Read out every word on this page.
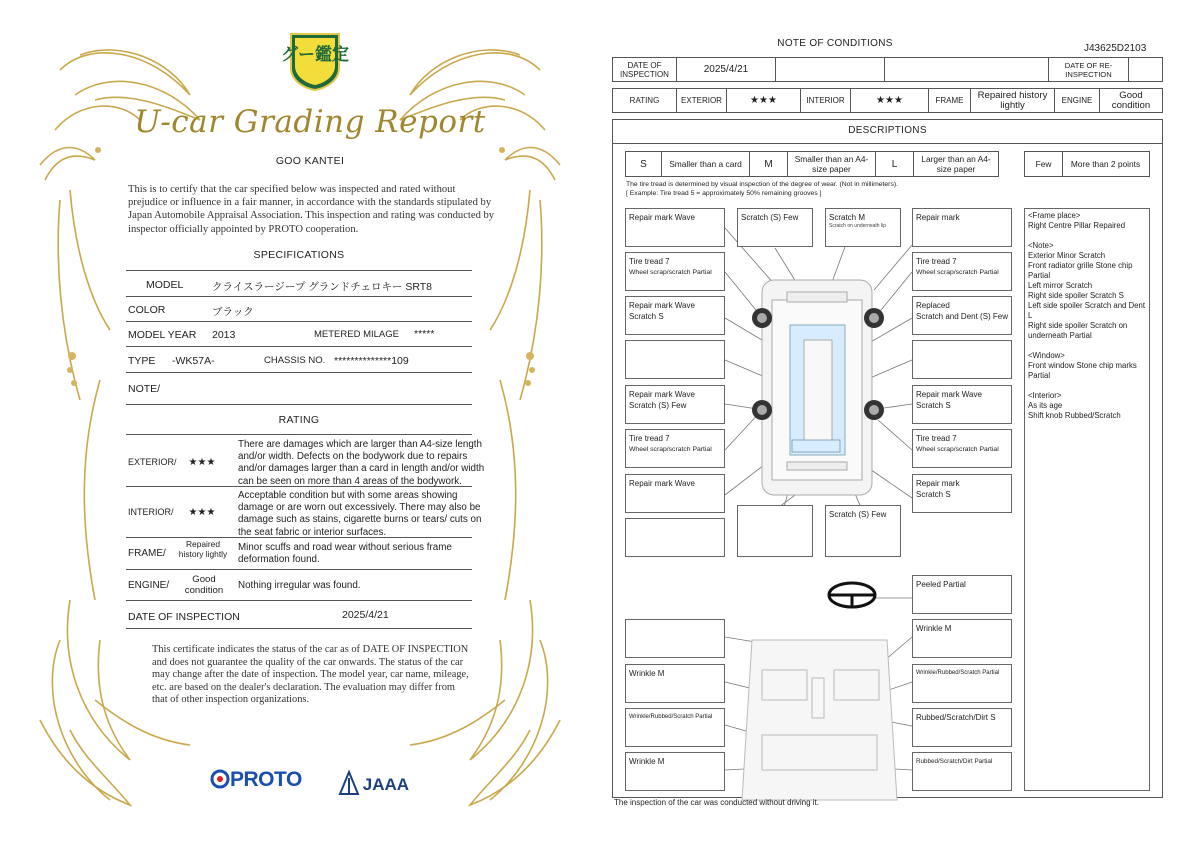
グー鑑定
U-car Grading Report
GOO KANTEI
This is to certify that the car specified below was inspected and rated without prejudice or influence in a fair manner, in accordance with the standards stipulated by Japan Automobile Appraisal Association. This inspection and rating was conducted by inspector officially appointed by PROTO cooperation.
SPECIFICATIONS
MODEL	クライスラージープ グランドチェロキー SRT8
COLOR	ブラック
MODEL YEAR 2013	METERED MILAGE *****
TYPE -WK57A-	CHASSIS NO. **************109
NOTE/
RATING
EXTERIOR/	★★★
There are damages which are larger than A4-size length and/or width. Defects on the bodywork due to repairs and/or damages larger than a card in length and/or width can be seen on more than 4 areas of the bodywork.
INTERIOR/	★★★
Acceptable condition but with some areas showing damage or are worn out excessively. There may also be damage such as stains, cigarette burns or tears/ cuts on the seat fabric or interior surfaces.
FRAME/
Repaired history lightly
Minor scuffs and road wear without serious frame deformation found.
ENGINE/
Good condition	Nothing irregular was found.
DATE OF INSPECTION	2025/4/21
This certificate indicates the status of the car as of DATE OF INSPECTION and does not guarantee the quality of the car onwards. The status of the car may change after the date of inspection. The model year, car name, mileage, etc. are based on the dealer's declaration. The evaluation may differ from that of other inspection organizations.
PROTO	JAAA
NOTE OF CONDITIONS	J43625D2103
DATE OF INSPECTION	2025/4/21	DATE OF RE-INSPECTION
RATING	EXTERIOR	★★★	INTERIOR	★★★	FRAME	Repaired history lightly	ENGINE	Good condition
DESCRIPTIONS
S	Smaller than a card	M	Smaller than an A4-size paper	L	Larger than an A4-size paper
Few	More than 2 points
The tire tread is determined by visual inspection of the degree of wear. (Not in millimeters).
[ Example: Tire tread 5 = approximately 50% remaining grooves ]
Repair mark Wave	Scratch (S) Few	Scratch M
Scratch on underneath lip
Repair mark
Tire tread 7
Wheel scrap/scratch Partial
Tire tread 7
Wheel scrap/scratch Partial
Repair mark Wave
Scratch S
Replaced
Scratch and Dent (S) Few
Repair mark Wave
Scratch (S) Few
Repair mark Wave
Scratch S
Tire tread 7
Wheel scrap/scratch Partial
Tire tread 7
Wheel scrap/scratch Partial
Repair mark Wave	Repair mark
Scratch S
Scratch (S) Few
Peeled Partial
Wrinkle M
Wrinkle M	Wrinkle/Rubbed/Scratch Partial
Wrinkle/Rubbed/Scratch Partial	Rubbed/Scratch/Dirt S
Wrinkle M	Rubbed/Scratch/Dirt Partial
<Frame place>
Right Centre Pillar Repaired

<Note>
Exterior Minor Scratch
Front radiator grille Stone chip Partial
Left mirror Scratch
Right side spoiler Scratch S
Left side spoiler Scratch and Dent L
Right side spoiler Scratch on underneath Partial

<Window>
Front window Stone chip marks Partial

<Interior>
As its age
Shift knob Rubbed/Scratch
The inspection of the car was conducted without driving it.
